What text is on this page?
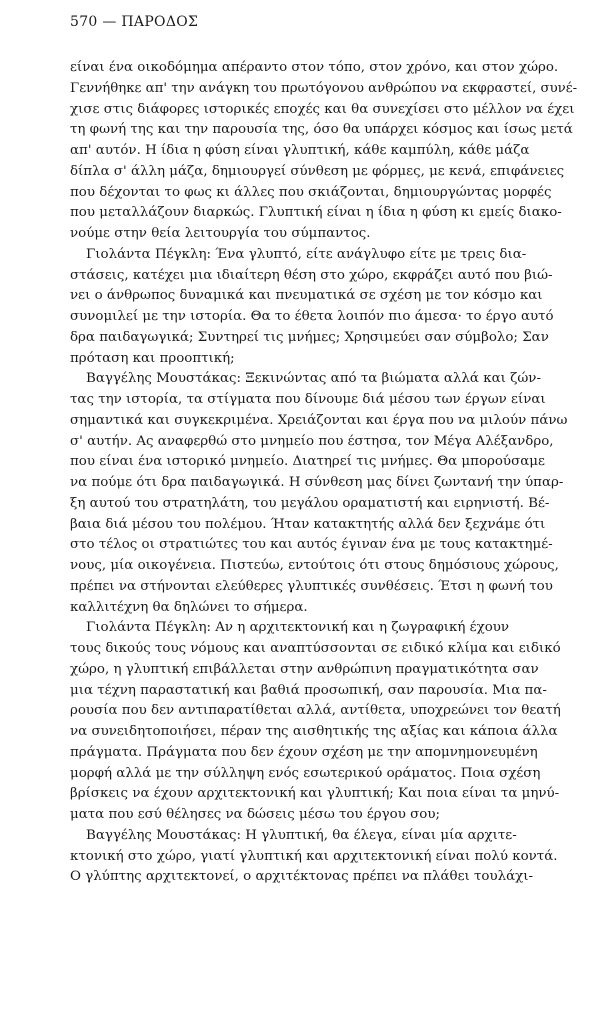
570 — ΠΑΡΟΔΟΣ
είναι ένα οικοδόμημα απέραντο στον τόπο, στον χρόνο, και στον χώρο.
Γεννήθηκε απ' την ανάγκη του πρωτόγονου ανθρώπου να εκφραστεί, συνέ-
χισε στις διάφορες ιστορικές εποχές και θα συνεχίσει στο μέλλον να έχει
τη φωνή της και την παρουσία της, όσο θα υπάρχει κόσμος και ίσως μετά
απ' αυτόν. Η ίδια η φύση είναι γλυπτική, κάθε καμπύλη, κάθε μάζα
δίπλα σ' άλλη μάζα, δημιουργεί σύνθεση με φόρμες, με κενά, επιφάνειες
που δέχονται το φως κι άλλες που σκιάζονται, δημιουργώντας μορφές
που μεταλλάζουν διαρκώς. Γλυπτική είναι η ίδια η φύση κι εμείς διακο-
νούμε στην θεία λειτουργία του σύμπαντος.
Γιολάντα Πέγκλη: Ένα γλυπτό, είτε ανάγλυφο είτε με τρεις δια-
στάσεις, κατέχει μια ιδιαίτερη θέση στο χώρο, εκφράζει αυτό που βιώ-
νει ο άνθρωπος δυναμικά και πνευματικά σε σχέση με τον κόσμο και
συνομιλεί με την ιστορία. Θα το έθετα λοιπόν πιο άμεσα· το έργο αυτό
δρα παιδαγωγικά; Συντηρεί τις μνήμες; Χρησιμεύει σαν σύμβολο; Σαν
πρόταση και προοπτική;
Βαγγέλης Μουστάκας: Ξεκινώντας από τα βιώματα αλλά και ζών-
τας την ιστορία, τα στίγματα που δίνουμε διά μέσου των έργων είναι
σημαντικά και συγκεκριμένα. Χρειάζονται και έργα που να μιλούν πάνω
σ' αυτήν. Ας αναφερθώ στο μνημείο που έστησα, τον Μέγα Αλέξανδρο,
που είναι ένα ιστορικό μνημείο. Διατηρεί τις μνήμες. Θα μπορούσαμε
να πούμε ότι δρα παιδαγωγικά. Η σύνθεση μας δίνει ζωντανή την ύπαρ-
ξη αυτού του στρατηλάτη, του μεγάλου οραματιστή και ειρηνιστή. Βέ-
βαια διά μέσου του πολέμου. Ήταν κατακτητής αλλά δεν ξεχνάμε ότι
στο τέλος οι στρατιώτες του και αυτός έγιναν ένα με τους κατακτημέ-
νους, μία οικογένεια. Πιστεύω, εντούτοις ότι στους δημόσιους χώρους,
πρέπει να στήνονται ελεύθερες γλυπτικές συνθέσεις. Έτσι η φωνή του
καλλιτέχνη θα δηλώνει το σήμερα.
Γιολάντα Πέγκλη: Αν η αρχιτεκτονική και η ζωγραφική έχουν
τους δικούς τους νόμους και αναπτύσσονται σε ειδικό κλίμα και ειδικό
χώρο, η γλυπτική επιβάλλεται στην ανθρώπινη πραγματικότητα σαν
μια τέχνη παραστατική και βαθιά προσωπική, σαν παρουσία. Μια πα-
ρουσία που δεν αντιπαρατίθεται αλλά, αντίθετα, υποχρεώνει τον θεατή
να συνειδητοποιήσει, πέραν της αισθητικής της αξίας και κάποια άλλα
πράγματα. Πράγματα που δεν έχουν σχέση με την απομνημονευμένη
μορφή αλλά με την σύλληψη ενός εσωτερικού οράματος. Ποια σχέση
βρίσκεις να έχουν αρχιτεκτονική και γλυπτική; Και ποια είναι τα μηνύ-
ματα που εσύ θέλησες να δώσεις μέσω του έργου σου;
Βαγγέλης Μουστάκας: Η γλυπτική, θα έλεγα, είναι μία αρχιτε-
κτονική στο χώρο, γιατί γλυπτική και αρχιτεκτονική είναι πολύ κοντά.
Ο γλύπτης αρχιτεκτονεί, ο αρχιτέκτονας πρέπει να πλάθει τουλάχι-
